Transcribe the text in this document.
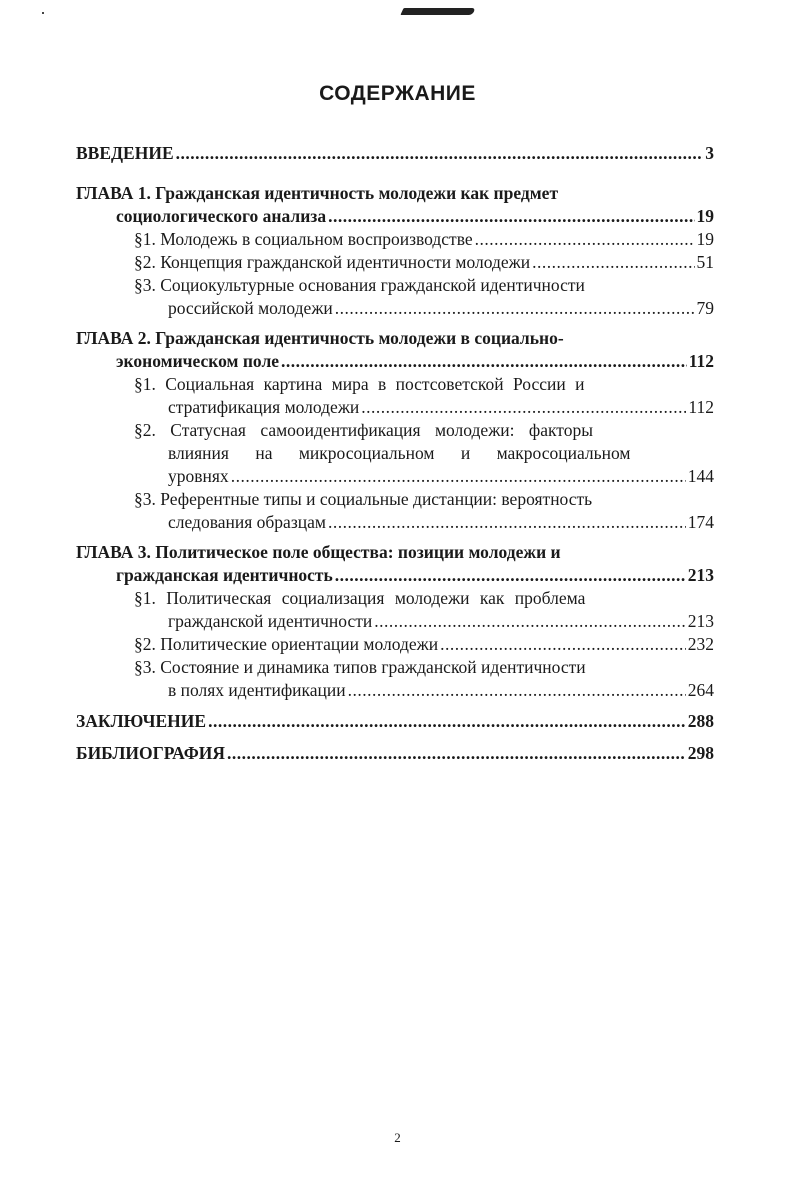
СОДЕРЖАНИЕ
ВВЕДЕНИЕ .....	3
ГЛАВА 1. Гражданская идентичность молодежи как предмет
социологического анализа .....	19
§1. Молодежь в социальном воспроизводстве .....	19
§2. Концепция гражданской идентичности молодежи .....	51
§3. Социокультурные основания гражданской идентичности
российской молодежи .....	79
ГЛАВА 2. Гражданская идентичность молодежи в социально-
экономическом поле .....	112
§1. Социальная картина мира в постсоветской России и
стратификация молодежи .....	112
§2. Статусная самооидентификация молодежи: факторы
влияния на микросоциальном и макросоциальном
уровнях .....	144
§3. Референтные типы и социальные дистанции: вероятность
следования образцам .....	174
ГЛАВА 3. Политическое поле общества: позиции молодежи и
гражданская идентичность .....	213
§1. Политическая социализация молодежи как проблема
гражданской идентичности .....	213
§2. Политические ориентации молодежи .....	232
§3. Состояние и динамика типов гражданской идентичности
в полях идентификации .....	264
ЗАКЛЮЧЕНИЕ .....	288
БИБЛИОГРАФИЯ .....	298
2
